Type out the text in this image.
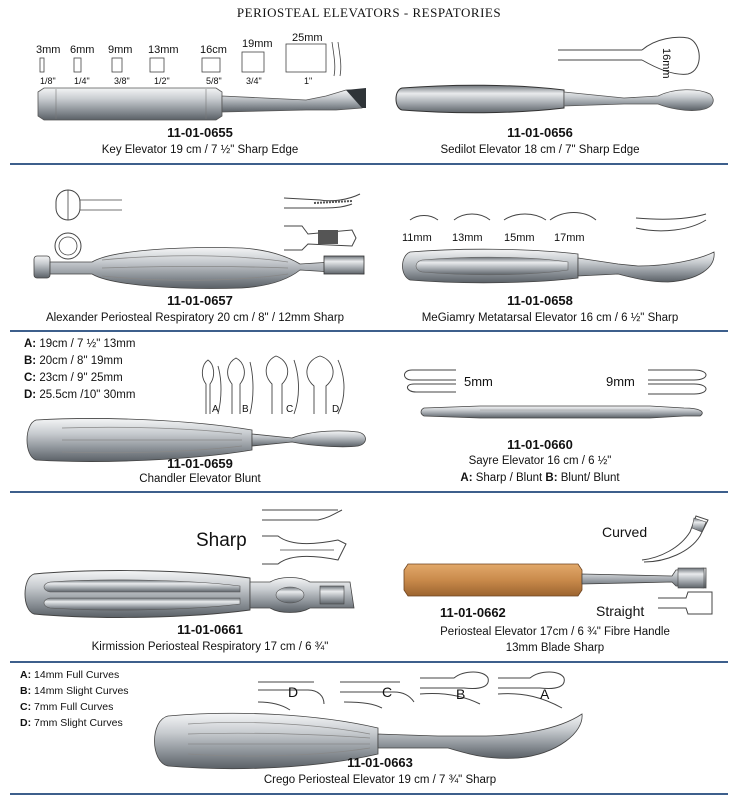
PERIOSTEAL ELEVATORS - RESPATORIES
3mm 6mm 9mm 13mm 16cm 19mm 25mm
1/8" 1/4"	3/8"	1/2"	5/8"	3/4"	1"
11-01-0655
Key Elevator 19 cm / 7 ½" Sharp Edge
16mm
11-01-0656
Sedilot Elevator 18 cm / 7" Sharp Edge
11-01-0657
Alexander Periosteal Respiratory 20 cm / 8" / 12mm Sharp
11mm 13mm 15mm 17mm
11-01-0658
MeGiamry Metatarsal Elevator 16 cm / 6 ½" Sharp
A: 19cm / 7 ½" 13mm
B: 20cm / 8" 19mm
C: 23cm / 9" 25mm
D: 25.5cm /10" 30mm
A B	C	D
11-01-0659
Chandler Elevator Blunt
5mm	9mm
11-01-0660
Sayre Elevator 16 cm / 6 ½"
A: Sharp / Blunt B: Blunt/ Blunt
Sharp
11-01-0661
Kirmission Periosteal Respiratory 17 cm / 6 ¾"
Curved
11-01-0662	Straight
Periosteal Elevator 17cm / 6 ¾" Fibre Handle
13mm Blade Sharp
A: 14mm Full Curves
B: 14mm Slight Curves
C: 7mm Full Curves
D: 7mm Slight Curves
D	C	B	A
11-01-0663
Crego Periosteal Elevator 19 cm / 7 ¾" Sharp
